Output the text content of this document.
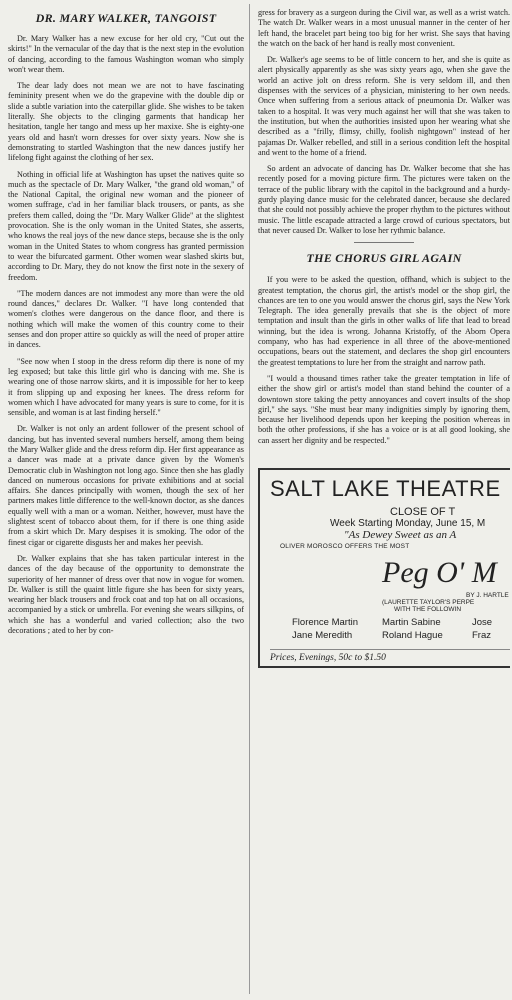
DR. MARY WALKER, TANGOIST

Dr. Mary Walker has a new excuse for her old cry, "Cut out the skirts!" In the vernacular of the day that is the next step in the evolution of dancing, according to the famous Washington woman who simply won't wear them.

The dear lady does not mean we are not to have fascinating femininity present when we do the grapevine with the double dip or slide a subtle variation into the caterpillar glide. She wishes to be taken literally. She objects to the clinging garments that handicap her hesitation, tangle her tango and mess up her maxixe. She is eighty-one years old and hasn't worn dresses for over sixty years. Now she is demonstrating to startled Washington that the new dances justify her lifelong fight against the clothing of her sex.

Nothing in official life at Washington has upset the natives quite so much as the spectacle of Dr. Mary Walker, "the grand old woman," of the National Capital, the original new woman and the pioneer of women suffrage, c'ad in her familiar black trousers, or pants, as she prefers them called, doing the "Dr. Mary Walker Glide" at the slightest provocation. She is the only woman in the United States, she asserts, who knows the real joys of the new dance steps, because she is the only woman in the United States to whom congress has granted permission to wear the bifurcated garment. Other women wear slashed skirts but, according to Dr. Mary, they do not know the first note in the sexery of freedom.

"The modern dances are not immodest any more than were the old round dances," declares Dr. Walker. "I have long contended that women's clothes were dangerous on the dance floor, and there is nothing which will make the women of this country come to their senses and don proper attire so quickly as will the need of proper attire in dances.

"See now when I stoop in the dress reform dip there is none of my leg exposed; but take this little girl who is dancing with me. She is wearing one of those narrow skirts, and it is impossible for her to keep it from slipping up and exposing her knees. The dress reform for women which I have advocated for many years is sure to come, for it is sensible, and woman is at last finding herself."

Dr. Walker is not only an ardent follower of the present school of dancing, but has invented several numbers herself, among them being the Mary Walker glide and the dress reform dip. Her first appearance as a dancer was made at a private dance given by the Women's Democratic club in Washington not long ago. Since then she has gladly danced on numerous occasions for private exhibitions and at social affairs. She dances principally with women, though the sex of her partners makes little difference to the well-known doctor, as she dances equally well with a man or a woman. Neither, however, must have the slightest scent of tobacco about them, for if there is one thing aside from a skirt which Dr. Mary despises it is smoking. The odor of the finest cigar or cigarette disgusts her and makes her peevish.

Dr. Walker explains that she has taken particular interest in the dances of the day because of the opportunity to demonstrate the superiority of her manner of dress over that now in vogue for women. Dr. Walker is still the quaint little figure she has been for sixty years, wearing her black trousers and frock coat and top hat on all occasions, accompanied by a stick or umbrella. For evening she wears silkpins, of which she has a wonderful and varied collection; also the two decorations ; ated to her by con-

gress for bravery as a surgeon during the Civil war, as well as a wrist watch. The watch Dr. Walker wears in a most unusual manner in the center of her left hand, the bracelet part being too big for her wrist. She says that having the watch on the back of her hand is really most convenient.

Dr. Walker's age seems to be of little concern to her, and she is quite as alert physically apparently as she was sixty years ago, when she gave the world an active jolt on dress reform. She is very seldom ill, and then dispenses with the services of a physician, ministering to her own needs. Once when suffering from a serious attack of pneumonia Dr. Walker was taken to a hospital. It was very much against her will that she was taken to the institution, but when the authorities insisted upon her wearing what she described as a "frilly, flimsy, chilly, foolish nightgown" instead of her pajamas Dr. Walker rebelled, and still in a serious condition left the hospital and went to the home of a friend.

So ardent an advocate of dancing has Dr. Walker become that she has recently posed for a moving picture firm. The pictures were taken on the terrace of the public library with the capitol in the background and a hurdy-gurdy playing dance music for the celebrated dancer, because she declared that she could not possibly achieve the proper rhythm to the pictures without music. The little escapade attracted a large crowd of curious spectators, but that never caused Dr. Walker to lose her rythmic balance.

THE CHORUS GIRL AGAIN

If you were to be asked the question, offhand, which is subject to the greatest temptation, the chorus girl, the artist's model or the shop girl, the chances are ten to one you would answer the chorus girl, says the New York Telegraph. The idea generally prevails that she is the object of more temptation and insult than the girls in other walks of life that lead to bread winning, but the idea is wrong. Johanna Kristoffy, of the Aborn Opera company, who has had experience in all three of the above-mentioned occupations, bears out the statement, and declares the shop girl encounters the greatest temptations to lure her from the straight and narrow path.

"I would a thousand times rather take the greater temptation in life of either the show girl or artist's model than stand behind the counter of a downtown store taking the petty annoyances and covert insults of the shop girl," she says. "She must bear many indignities simply by ignoring them, because her livelihood depends upon her keeping the position whereas in both the other professions, if she has a voice or is at all good looking, she can assert her dignity and be respected."

SALT LAKE THEATRE
CLOSE OF T
Week Starting Monday, June 15, M
"As Dewey Sweet as an A
OLIVER MOROSCO OFFERS THE MOST
Peg O' M
BY J. HARTLE
(LAURETTE TAYLOR'S PERPE
WITH THE FOLLOWIN
Florence Martin	Martin Sabine	Jose
Jane Meredith	Roland Hague	Fraz
Prices, Evenings, 50c to $1.50
